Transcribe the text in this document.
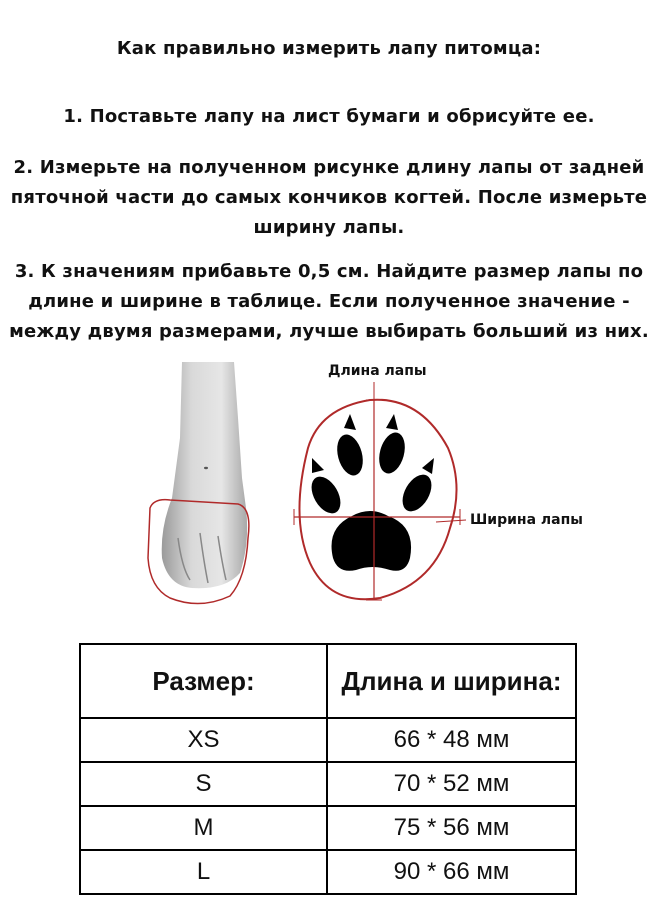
Как правильно измерить лапу питомца:
1. Поставьте лапу на лист бумаги и обрисуйте ее.
2. Измерьте на полученном рисунке длину лапы от задней
пяточной части до самых кончиков когтей. После измерьте
ширину лапы.
3. К значениям прибавьте 0,5 см. Найдите размер лапы по
длине и ширине в таблице. Если полученное значение -
между двумя размерами, лучше выбирать больший из них.
Длина лапы
Ширина лапы
Размер:	Длина и ширина:
XS	66 * 48 мм
S	70 * 52 мм
M	75 * 56 мм
L	90 * 66 мм
